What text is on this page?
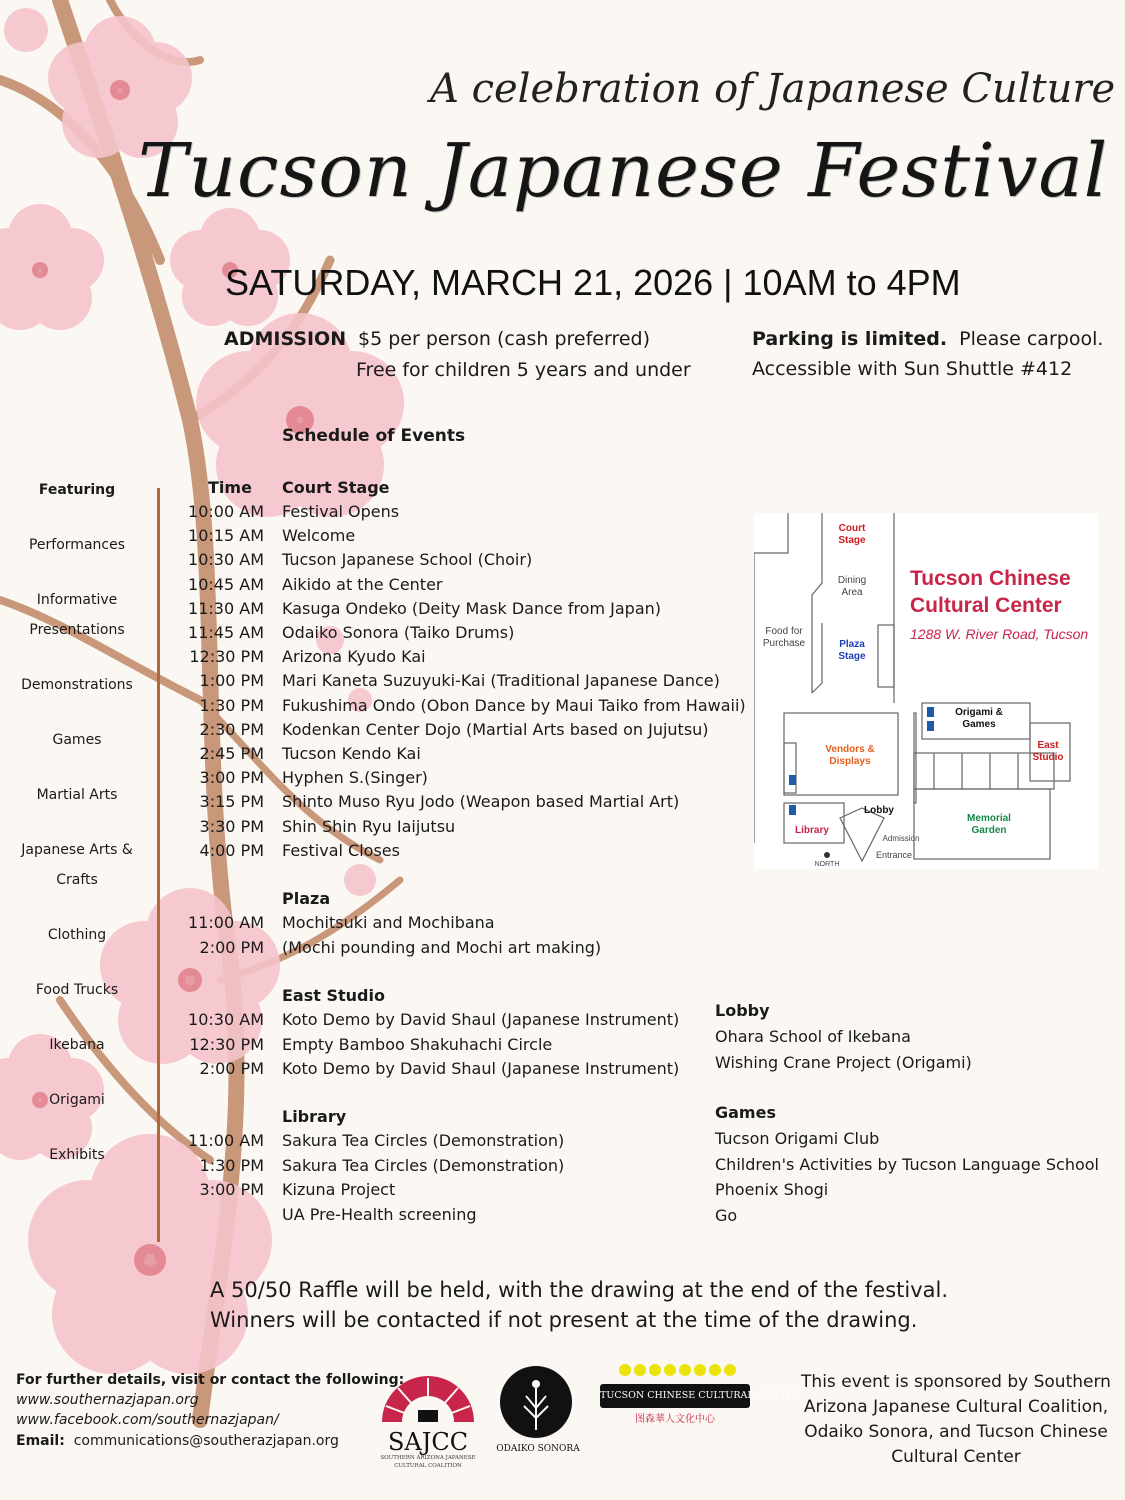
A celebration of Japanese Culture
Tucson Japanese Festival
SATURDAY, MARCH 21, 2026 | 10AM to 4PM
ADMISSION $5 per person (cash preferred)
Free for children 5 years and under
Parking is limited. Please carpool.
Accessible with Sun Shuttle #412
Schedule of Events
Featuring
Performances
Informative Presentations
Demonstrations
Games
Martial Arts
Japanese Arts & Crafts
Clothing
Food Trucks
Ikebana
Origami
Exhibits
Time Court Stage
10:00 AM Festival Opens
10:15 AM Welcome
10:30 AM Tucson Japanese School (Choir)
10:45 AM Aikido at the Center
11:30 AM Kasuga Ondeko (Deity Mask Dance from Japan)
11:45 AM Odaiko Sonora (Taiko Drums)
12:30 PM Arizona Kyudo Kai
1:00 PM Mari Kaneta Suzuyuki-Kai (Traditional Japanese Dance)
1:30 PM Fukushima Ondo (Obon Dance by Maui Taiko from Hawaii)
2:30 PM Kodenkan Center Dojo (Martial Arts based on Jujutsu)
2:45 PM Tucson Kendo Kai
3:00 PM Hyphen S.(Singer)
3:15 PM Shinto Muso Ryu Jodo (Weapon based Martial Art)
3:30 PM Shin Shin Ryu Iaijutsu
4:00 PM Festival Closes
Plaza
11:00 AM Mochitsuki and Mochibana
2:00 PM (Mochi pounding and Mochi art making)
East Studio
10:30 AM Koto Demo by David Shaul (Japanese Instrument)
12:30 PM Empty Bamboo Shakuhachi Circle
2:00 PM Koto Demo by David Shaul (Japanese Instrument)
Library
11:00 AM Sakura Tea Circles (Demonstration)
1:30 PM Sakura Tea Circles (Demonstration)
3:00 PM Kizuna Project
UA Pre-Health screening
Lobby
Ohara School of Ikebana
Wishing Crane Project (Origami)
Games
Tucson Origami Club
Children's Activities by Tucson Language School
Phoenix Shogi
Go
Court Stage
Dining Area
Food for Purchase	Plaza Stage
Origami & Games
East Studio
Vendors & Displays
Lobby
Library
Memorial Garden
Admission
Entrance
NORTH
Tucson Chinese
Cultural Center
1288 W. River Road, Tucson
A 50/50 Raffle will be held, with the drawing at the end of the festival.
Winners will be contacted if not present at the time of the drawing.
For further details, visit or contact the following:
www.southernazjapan.org
www.facebook.com/southernazjapan/
Email: communications@southerazjapan.org	SAJCC
SOUTHERN ARIZONA JAPANESE CULTURAL COALITION
ODAIKO SONORA
TUCSON CHINESE CULTURAL CENTER
图森華人文化中心
This event is sponsored by Southern Arizona Japanese Cultural Coalition, Odaiko Sonora, and Tucson Chinese Cultural Center
